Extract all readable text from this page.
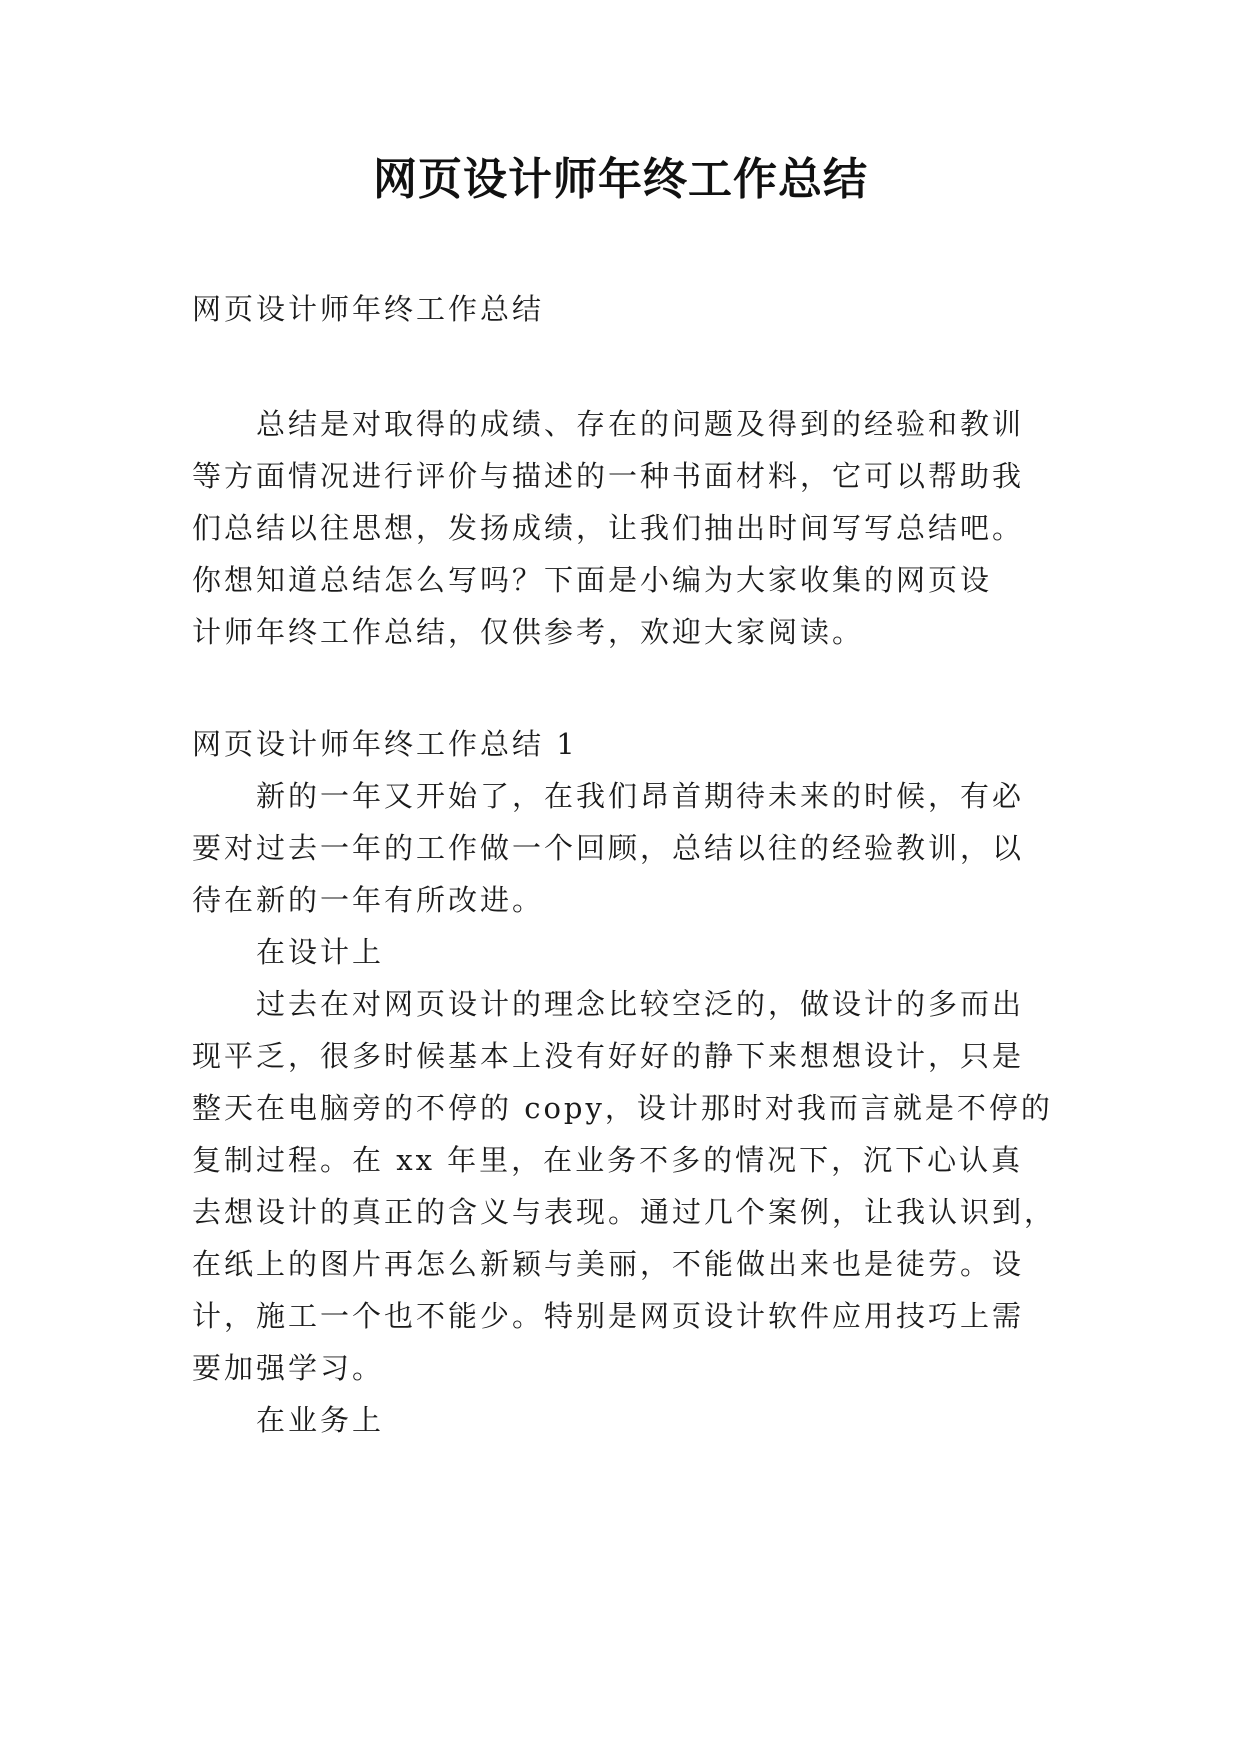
网页设计师年终工作总结

网页设计师年终工作总结

总结是对取得的成绩、存在的问题及得到的经验和教训

等方面情况进行评价与描述的一种书面材料，它可以帮助我

们总结以往思想，发扬成绩，让我们抽出时间写写总结吧。

你想知道总结怎么写吗？下面是小编为大家收集的网页设

计师年终工作总结，仅供参考，欢迎大家阅读。

网页设计师年终工作总结 1

新的一年又开始了，在我们昂首期待未来的时候，有必

要对过去一年的工作做一个回顾，总结以往的经验教训，以

待在新的一年有所改进。

在设计上

过去在对网页设计的理念比较空泛的，做设计的多而出

现平乏，很多时候基本上没有好好的静下来想想设计，只是

整天在电脑旁的不停的 copy，设计那时对我而言就是不停的

复制过程。在 xx 年里，在业务不多的情况下，沉下心认真

去想设计的真正的含义与表现。通过几个案例，让我认识到，

在纸上的图片再怎么新颖与美丽，不能做出来也是徒劳。设

计，施工一个也不能少。特别是网页设计软件应用技巧上需

要加强学习。

在业务上
